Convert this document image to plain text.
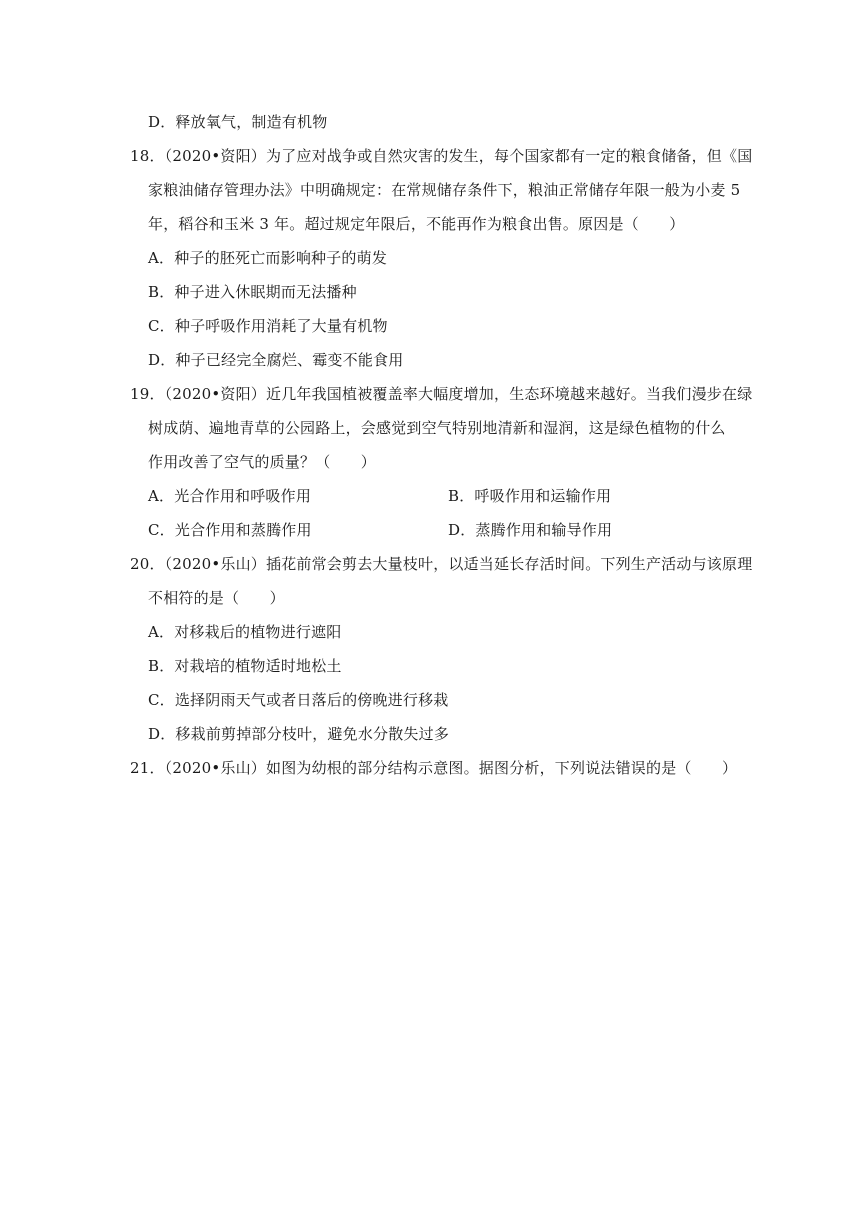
D．释放氧气，制造有机物
18．（2020•资阳）为了应对战争或自然灾害的发生，每个国家都有一定的粮食储备，但《国
家粮油储存管理办法》中明确规定：在常规储存条件下，粮油正常储存年限一般为小麦 5
年，稻谷和玉米 3 年。超过规定年限后，不能再作为粮食出售。原因是（　　）
A．种子的胚死亡而影响种子的萌发
B．种子进入休眠期而无法播种
C．种子呼吸作用消耗了大量有机物
D．种子已经完全腐烂、霉变不能食用
19．（2020•资阳）近几年我国植被覆盖率大幅度增加，生态环境越来越好。当我们漫步在绿
树成荫、遍地青草的公园路上，会感觉到空气特别地清新和湿润，这是绿色植物的什么
作用改善了空气的质量？（　　）
A．光合作用和呼吸作用	B．呼吸作用和运输作用
C．光合作用和蒸腾作用	D．蒸腾作用和输导作用
20．（2020•乐山）插花前常会剪去大量枝叶，以适当延长存活时间。下列生产活动与该原理
不相符的是（　　）
A．对移栽后的植物进行遮阳
B．对栽培的植物适时地松土
C．选择阴雨天气或者日落后的傍晚进行移栽
D．移栽前剪掉部分枝叶，避免水分散失过多
21．（2020•乐山）如图为幼根的部分结构示意图。据图分析，下列说法错误的是（　　）
